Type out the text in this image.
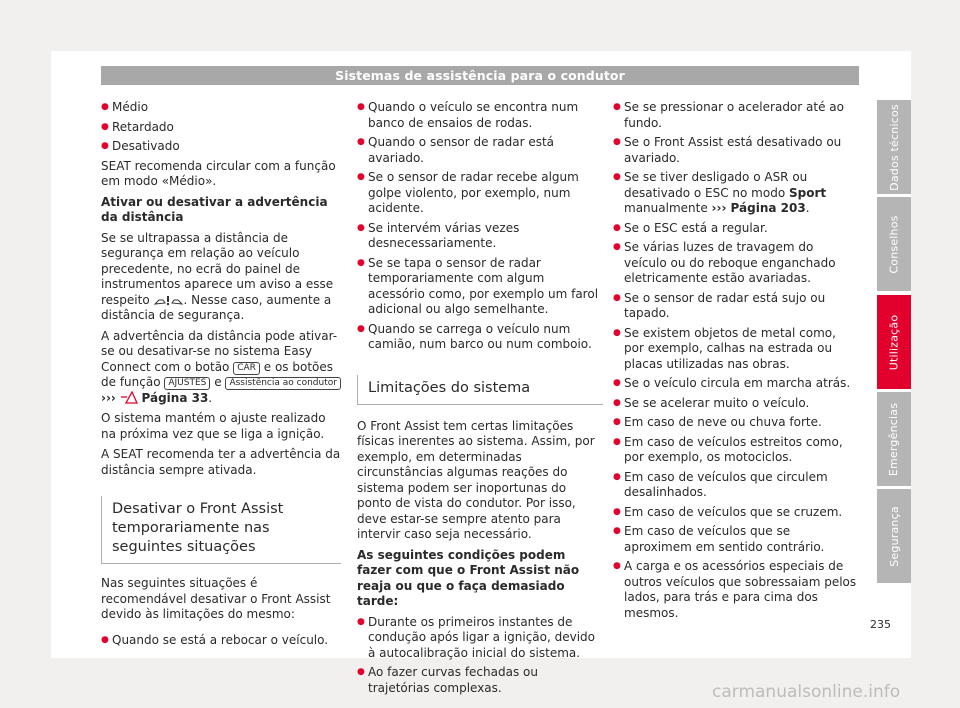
Sistemas de assistência para o condutor
● Médio
● Retardado
● Desativado

SEAT recomenda circular com a função em modo «Médio».

Ativar ou desativar a advertência da distância

Se se ultrapassa a distância de segurança em relação ao veículo precedente, no ecrã do painel de instrumentos aparece um aviso a esse respeito	. Nesse caso, aumente a distância de segurança.

A advertência da distância pode ativar-se ou desativar-se no sistema Easy Connect com o botão CAR e os botões de função AJUSTES e Assistência ao condutor ››› Página 33.

O sistema mantém o ajuste realizado na próxima vez que se liga a ignição.

A SEAT recomenda ter a advertência da distância sempre ativada.

Desativar o Front Assist temporariamente nas seguintes situações

Nas seguintes situações é recomendável desativar o Front Assist devido às limitações do mesmo:

● Quando se está a rebocar o veículo.
● Quando o veículo se encontra num banco de ensaios de rodas.
● Quando o sensor de radar está avariado.
● Se o sensor de radar recebe algum golpe violento, por exemplo, num acidente.
● Se intervém várias vezes desnecessariamente.
● Se se tapa o sensor de radar temporariamente com algum acessório como, por exemplo um farol adicional ou algo semelhante.
● Quando se carrega o veículo num camião, num barco ou num comboio.
Limitações do sistema

O Front Assist tem certas limitações físicas inerentes ao sistema. Assim, por exemplo, em determinadas circunstâncias algumas reações do sistema podem ser inoportunas do ponto de vista do condutor. Por isso, deve estar-se sempre atento para intervir caso seja necessário.

As seguintes condições podem fazer com que o Front Assist não reaja ou que o faça demasiado tarde:

● Durante os primeiros instantes de condução após ligar a ignição, devido à autocalibração inicial do sistema.
● Ao fazer curvas fechadas ou trajetórias complexas.
● Se se pressionar o acelerador até ao fundo.
● Se o Front Assist está desativado ou avariado.
● Se se tiver desligado o ASR ou desativado o ESC no modo Sport manualmente ››› Página 203.
● Se o ESC está a regular.
● Se várias luzes de travagem do veículo ou do reboque enganchado eletricamente estão avariadas.
● Se o sensor de radar está sujo ou tapado.
● Se existem objetos de metal como, por exemplo, calhas na estrada ou placas utilizadas nas obras.
● Se o veículo circula em marcha atrás.
● Se se acelerar muito o veículo.
● Em caso de neve ou chuva forte.
● Em caso de veículos estreitos como, por exemplo, os motociclos.
● Em caso de veículos que circulem desalinhados.
● Em caso de veículos que se cruzem.
● Em caso de veículos que se aproximem em sentido contrário.
● A carga e os acessórios especiais de outros veículos que sobressaiam pelos lados, para trás e para cima dos mesmos.
Dados técnicos
Conselhos
Utilização
Emergências
Segurança
235
carmanualsonline.info
